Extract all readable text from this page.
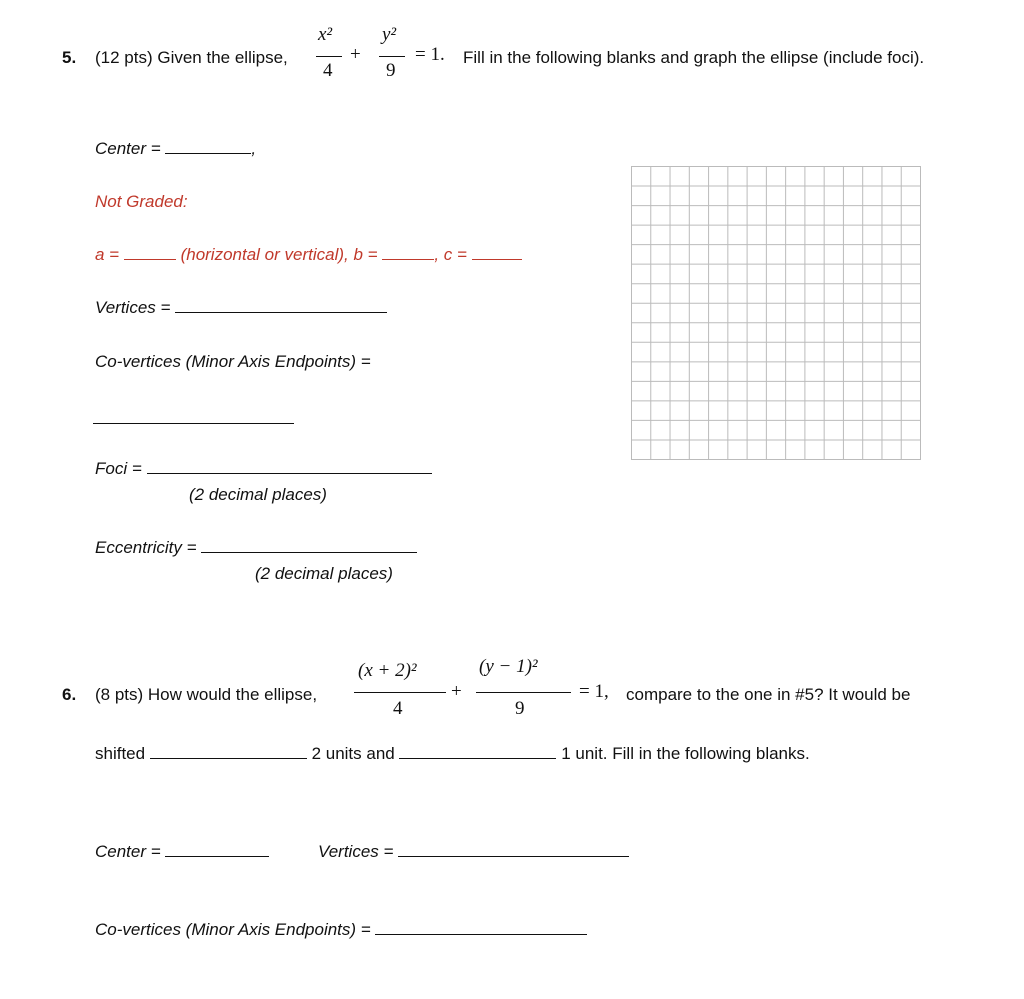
5. (12 pts) Given the ellipse,
x²
4
+
y²
9
= 1. Fill in the following blanks and graph the ellipse (include foci).
Center =	,
Not Graded:
a =	(horizontal or vertical), b =	, c =
Vertices =
Co-vertices (Minor Axis Endpoints) =
Foci =
(2 decimal places)
Eccentricity =
(2 decimal places)
6. (8 pts) How would the ellipse,
(x + 2)²
4
+
(y − 1)²
9
= 1, compare to the one in #5? It would be
shifted	2 units and	1 unit. Fill in the following blanks.
Center =	Vertices =
Co-vertices (Minor Axis Endpoints) =
